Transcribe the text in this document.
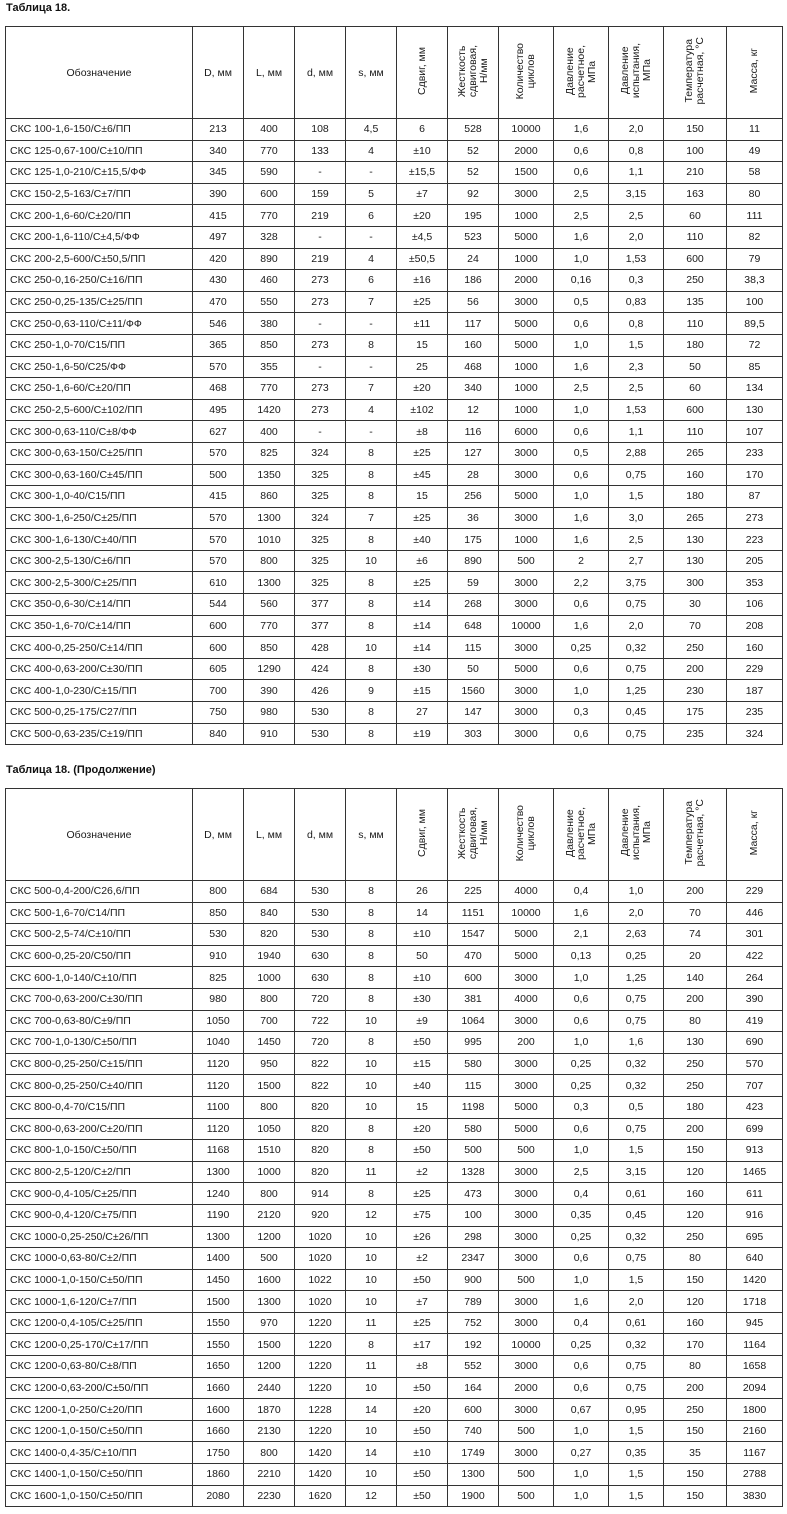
Таблица 18.
Обозначение	D, мм	L, мм	d, мм	s, мм	Сдвиг, мм	Жесткость
сдвиговая,
Н/мм	Количество
циклов	Давление
расчетное,
МПа	Давление
испытания,
МПа	Температура
расчетная, °С	Масса, кг
СКС 100-1,6-150/С±6/ПП	213	400	108	4,5	6	528	10000	1,6	2,0	150	11
СКС 125-0,67-100/С±10/ПП	340	770	133	4	±10	52	2000	0,6	0,8	100	49
СКС 125-1,0-210/С±15,5/ФФ	345	590	-	-	±15,5	52	1500	0,6	1,1	210	58
СКС 150-2,5-163/С±7/ПП	390	600	159	5	±7	92	3000	2,5	3,15	163	80
СКС 200-1,6-60/С±20/ПП	415	770	219	6	±20	195	1000	2,5	2,5	60	111
СКС 200-1,6-110/С±4,5/ФФ	497	328	-	-	±4,5	523	5000	1,6	2,0	110	82
СКС 200-2,5-600/С±50,5/ПП	420	890	219	4	±50,5	24	1000	1,0	1,53	600	79
СКС 250-0,16-250/С±16/ПП	430	460	273	6	±16	186	2000	0,16	0,3	250	38,3
СКС 250-0,25-135/С±25/ПП	470	550	273	7	±25	56	3000	0,5	0,83	135	100
СКС 250-0,63-110/С±11/ФФ	546	380	-	-	±11	117	5000	0,6	0,8	110	89,5
СКС 250-1,0-70/С15/ПП	365	850	273	8	15	160	5000	1,0	1,5	180	72
СКС 250-1,6-50/С25/ФФ	570	355	-	-	25	468	1000	1,6	2,3	50	85
СКС 250-1,6-60/С±20/ПП	468	770	273	7	±20	340	1000	2,5	2,5	60	134
СКС 250-2,5-600/С±102/ПП	495	1420	273	4	±102	12	1000	1,0	1,53	600	130
СКС 300-0,63-110/С±8/ФФ	627	400	-	-	±8	116	6000	0,6	1,1	110	107
СКС 300-0,63-150/С±25/ПП	570	825	324	8	±25	127	3000	0,5	2,88	265	233
СКС 300-0,63-160/С±45/ПП	500	1350	325	8	±45	28	3000	0,6	0,75	160	170
СКС 300-1,0-40/С15/ПП	415	860	325	8	15	256	5000	1,0	1,5	180	87
СКС 300-1,6-250/С±25/ПП	570	1300	324	7	±25	36	3000	1,6	3,0	265	273
СКС 300-1,6-130/С±40/ПП	570	1010	325	8	±40	175	1000	1,6	2,5	130	223
СКС 300-2,5-130/С±6/ПП	570	800	325	10	±6	890	500	2	2,7	130	205
СКС 300-2,5-300/С±25/ПП	610	1300	325	8	±25	59	3000	2,2	3,75	300	353
СКС 350-0,6-30/С±14/ПП	544	560	377	8	±14	268	3000	0,6	0,75	30	106
СКС 350-1,6-70/С±14/ПП	600	770	377	8	±14	648	10000	1,6	2,0	70	208
СКС 400-0,25-250/С±14/ПП	600	850	428	10	±14	115	3000	0,25	0,32	250	160
СКС 400-0,63-200/С±30/ПП	605	1290	424	8	±30	50	5000	0,6	0,75	200	229
СКС 400-1,0-230/С±15/ПП	700	390	426	9	±15	1560	3000	1,0	1,25	230	187
СКС 500-0,25-175/С27/ПП	750	980	530	8	27	147	3000	0,3	0,45	175	235
СКС 500-0,63-235/С±19/ПП	840	910	530	8	±19	303	3000	0,6	0,75	235	324
Таблица 18. (Продолжение)
Обозначение	D, мм	L, мм	d, мм	s, мм	Сдвиг, мм	Жесткость
сдвиговая,
Н/мм	Количество
циклов	Давление
расчетное,
МПа	Давление
испытания,
МПа	Температура
расчетная, °С	Масса, кг
СКС 500-0,4-200/С26,6/ПП	800	684	530	8	26	225	4000	0,4	1,0	200	229
СКС 500-1,6-70/С14/ПП	850	840	530	8	14	1151	10000	1,6	2,0	70	446
СКС 500-2,5-74/С±10/ПП	530	820	530	8	±10	1547	5000	2,1	2,63	74	301
СКС 600-0,25-20/С50/ПП	910	1940	630	8	50	470	5000	0,13	0,25	20	422
СКС 600-1,0-140/С±10/ПП	825	1000	630	8	±10	600	3000	1,0	1,25	140	264
СКС 700-0,63-200/С±30/ПП	980	800	720	8	±30	381	4000	0,6	0,75	200	390
СКС 700-0,63-80/С±9/ПП	1050	700	722	10	±9	1064	3000	0,6	0,75	80	419
СКС 700-1,0-130/С±50/ПП	1040	1450	720	8	±50	995	200	1,0	1,6	130	690
СКС 800-0,25-250/С±15/ПП	1120	950	822	10	±15	580	3000	0,25	0,32	250	570
СКС 800-0,25-250/С±40/ПП	1120	1500	822	10	±40	115	3000	0,25	0,32	250	707
СКС 800-0,4-70/С15/ПП	1100	800	820	10	15	1198	5000	0,3	0,5	180	423
СКС 800-0,63-200/С±20/ПП	1120	1050	820	8	±20	580	5000	0,6	0,75	200	699
СКС 800-1,0-150/С±50/ПП	1168	1510	820	8	±50	500	500	1,0	1,5	150	913
СКС 800-2,5-120/С±2/ПП	1300	1000	820	11	±2	1328	3000	2,5	3,15	120	1465
СКС 900-0,4-105/С±25/ПП	1240	800	914	8	±25	473	3000	0,4	0,61	160	611
СКС 900-0,4-120/С±75/ПП	1190	2120	920	12	±75	100	3000	0,35	0,45	120	916
СКС 1000-0,25-250/С±26/ПП	1300	1200	1020	10	±26	298	3000	0,25	0,32	250	695
СКС 1000-0,63-80/С±2/ПП	1400	500	1020	10	±2	2347	3000	0,6	0,75	80	640
СКС 1000-1,0-150/С±50/ПП	1450	1600	1022	10	±50	900	500	1,0	1,5	150	1420
СКС 1000-1,6-120/С±7/ПП	1500	1300	1020	10	±7	789	3000	1,6	2,0	120	1718
СКС 1200-0,4-105/С±25/ПП	1550	970	1220	11	±25	752	3000	0,4	0,61	160	945
СКС 1200-0,25-170/С±17/ПП	1550	1500	1220	8	±17	192	10000	0,25	0,32	170	1164
СКС 1200-0,63-80/С±8/ПП	1650	1200	1220	11	±8	552	3000	0,6	0,75	80	1658
СКС 1200-0,63-200/С±50/ПП	1660	2440	1220	10	±50	164	2000	0,6	0,75	200	2094
СКС 1200-1,0-250/С±20/ПП	1600	1870	1228	14	±20	600	3000	0,67	0,95	250	1800
СКС 1200-1,0-150/С±50/ПП	1660	2130	1220	10	±50	740	500	1,0	1,5	150	2160
СКС 1400-0,4-35/С±10/ПП	1750	800	1420	14	±10	1749	3000	0,27	0,35	35	1167
СКС 1400-1,0-150/С±50/ПП	1860	2210	1420	10	±50	1300	500	1,0	1,5	150	2788
СКС 1600-1,0-150/С±50/ПП	2080	2230	1620	12	±50	1900	500	1,0	1,5	150	3830
